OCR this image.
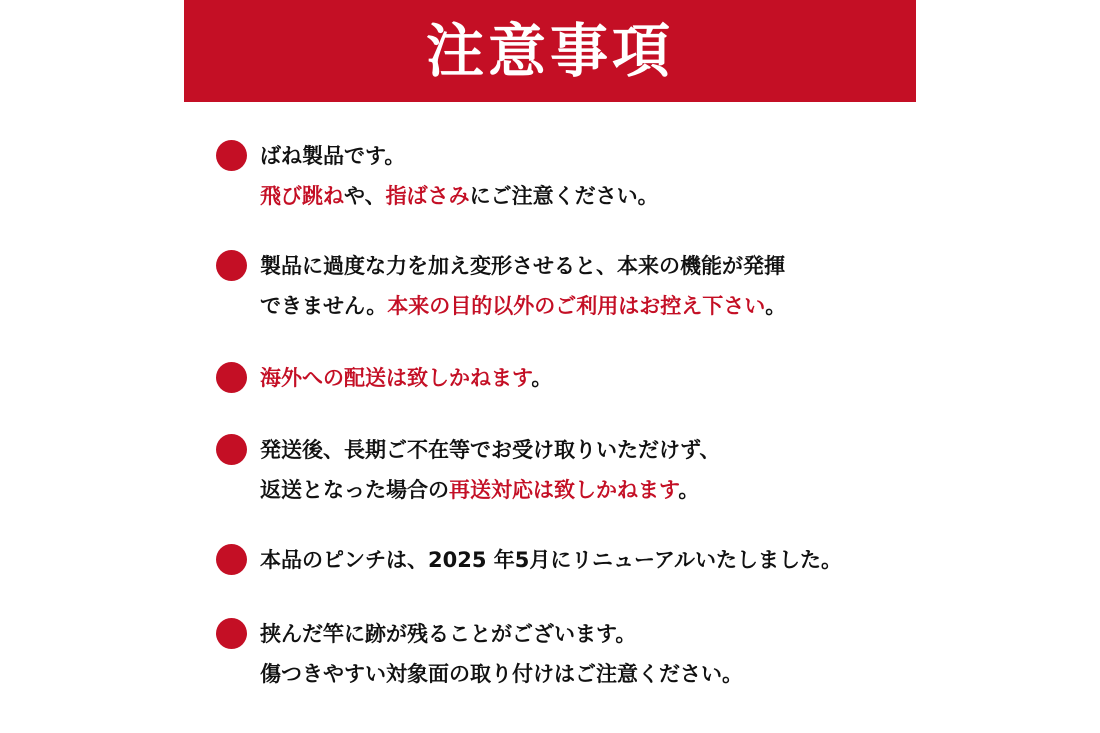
注意事項
ばね製品です。
飛び跳ねや、指ばさみにご注意ください。
製品に過度な力を加え変形させると、本来の機能が発揮
できません。本来の目的以外のご利用はお控え下さい。
海外への配送は致しかねます。
発送後、長期ご不在等でお受け取りいただけず、
返送となった場合の再送対応は致しかねます。
本品のピンチは、2025 年5月にリニューアルいたしました。
挟んだ竿に跡が残ることがございます。
傷つきやすい対象面の取り付けはご注意ください。
